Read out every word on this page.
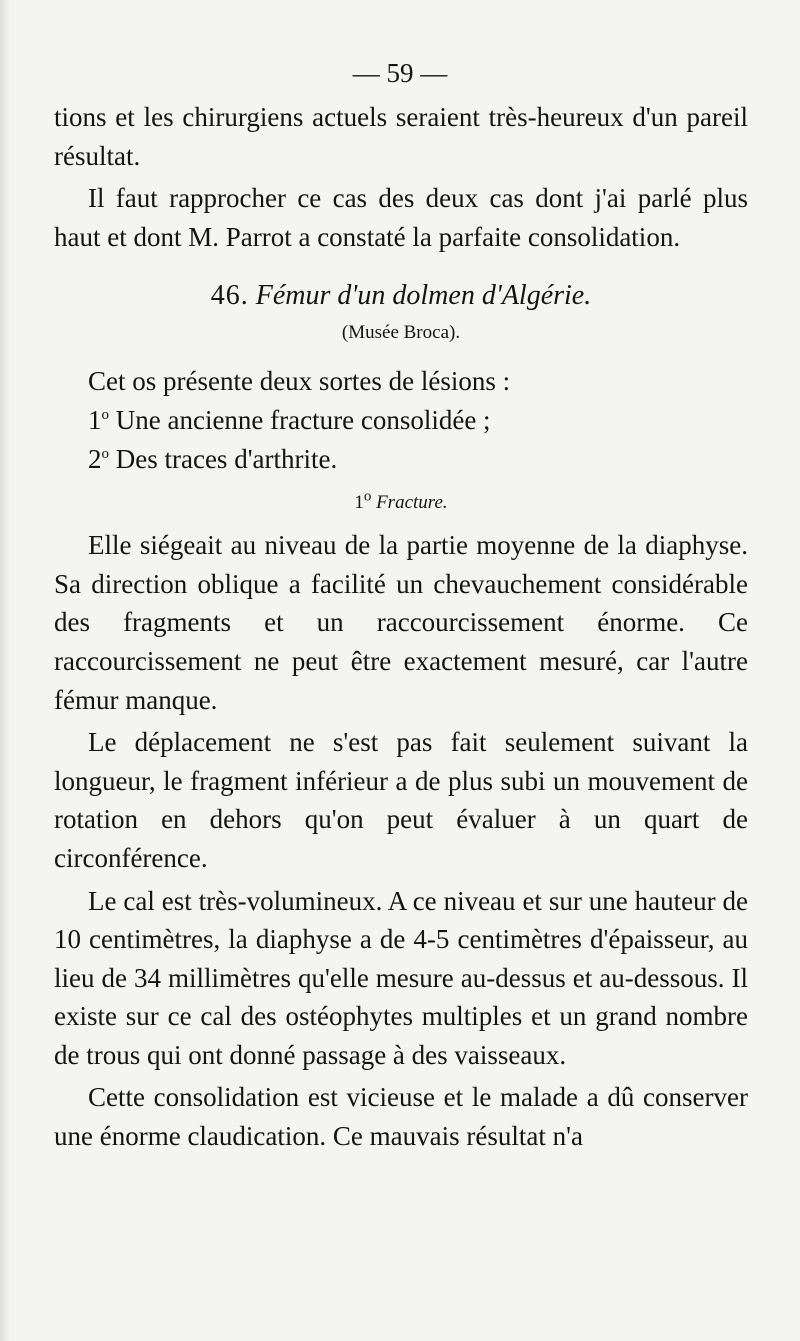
— 59 —

tions et les chirurgiens actuels seraient très-heureux d'un pareil résultat.

Il faut rapprocher ce cas des deux cas dont j'ai parlé plus haut et dont M. Parrot a constaté la parfaite consolidation.

46. Fémur d'un dolmen d'Algérie.
(Musée Broca).

Cet os présente deux sortes de lésions :

1$^o$ Une ancienne fracture consolidée ;

2$^o$ Des traces d'arthrite.

1$^o$ Fracture.

Elle siégeait au niveau de la partie moyenne de la diaphyse. Sa direction oblique a facilité un chevauchement considérable des fragments et un raccourcissement énorme. Ce raccourcissement ne peut être exactement mesuré, car l'autre fémur manque.

Le déplacement ne s'est pas fait seulement suivant la longueur, le fragment inférieur a de plus subi un mouvement de rotation en dehors qu'on peut évaluer à un quart de circonférence.

Le cal est très-volumineux. A ce niveau et sur une hauteur de 10 centimètres, la diaphyse a de 4-5 centimètres d'épaisseur, au lieu de 34 millimètres qu'elle mesure au-dessus et au-dessous. Il existe sur ce cal des ostéophytes multiples et un grand nombre de trous qui ont donné passage à des vaisseaux.

Cette consolidation est vicieuse et le malade a dû conserver une énorme claudication. Ce mauvais résultat n'a
